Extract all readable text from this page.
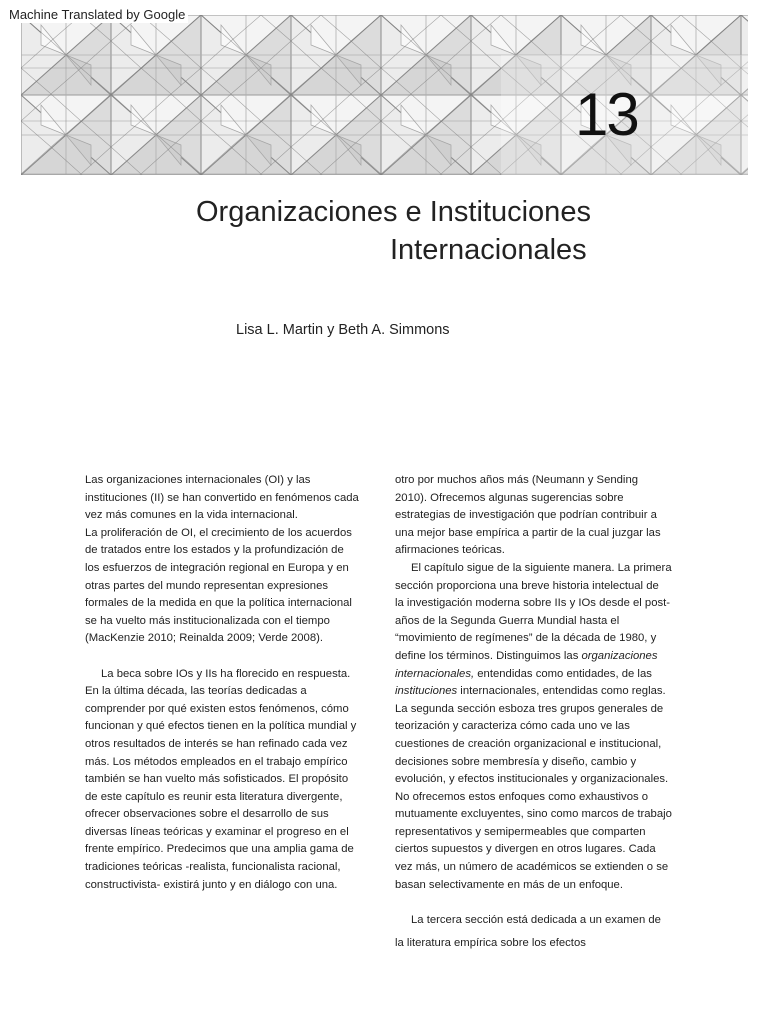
Machine Translated by Google
13
Organizaciones e Instituciones
Internacionales
Lisa L. Martin y Beth A. Simmons
Las organizaciones internacionales (OI) y las
instituciones (II) se han convertido en fenómenos cada
vez más comunes en la vida internacional.
La proliferación de OI, el crecimiento de los acuerdos
de tratados entre los estados y la profundización de
los esfuerzos de integración regional en Europa y en
otras partes del mundo representan expresiones
formales de la medida en que la política internacional
se ha vuelto más institucionalizada con el tiempo
(MacKenzie 2010; Reinalda 2009; Verde 2008).
La beca sobre IOs y IIs ha florecido en respuesta.
En la última década, las teorías dedicadas a
comprender por qué existen estos fenómenos, cómo
funcionan y qué efectos tienen en la política mundial y
otros resultados de interés se han refinado cada vez
más. Los métodos empleados en el trabajo empírico
también se han vuelto más sofisticados. El propósito
de este capítulo es reunir esta literatura divergente,
ofrecer observaciones sobre el desarrollo de sus
diversas líneas teóricas y examinar el progreso en el
frente empírico. Predecimos que una amplia gama de
tradiciones teóricas -realista, funcionalista racional,
constructivista- existirá junto y en diálogo con una.
otro por muchos años más (Neumann y Sending
2010). Ofrecemos algunas sugerencias sobre
estrategias de investigación que podrían contribuir a
una mejor base empírica a partir de la cual juzgar las
afirmaciones teóricas.
El capítulo sigue de la siguiente manera. La primera
sección proporciona una breve historia intelectual de
la investigación moderna sobre IIs y IOs desde el post-
años de la Segunda Guerra Mundial hasta el
“movimiento de regímenes” de la década de 1980, y
define los términos. Distinguimos las organizaciones
internacionales, entendidas como entidades, de las
instituciones internacionales, entendidas como reglas.
La segunda sección esboza tres grupos generales de
teorización y caracteriza cómo cada uno ve las
cuestiones de creación organizacional e institucional,
decisiones sobre membresía y diseño, cambio y
evolución, y efectos institucionales y organizacionales.
No ofrecemos estos enfoques como exhaustivos o
mutuamente excluyentes, sino como marcos de trabajo
representativos y semipermeables que comparten
ciertos supuestos y divergen en otros lugares. Cada
vez más, un número de académicos se extienden o se
basan selectivamente en más de un enfoque.
La tercera sección está dedicada a un examen de
la literatura empírica sobre los efectos
